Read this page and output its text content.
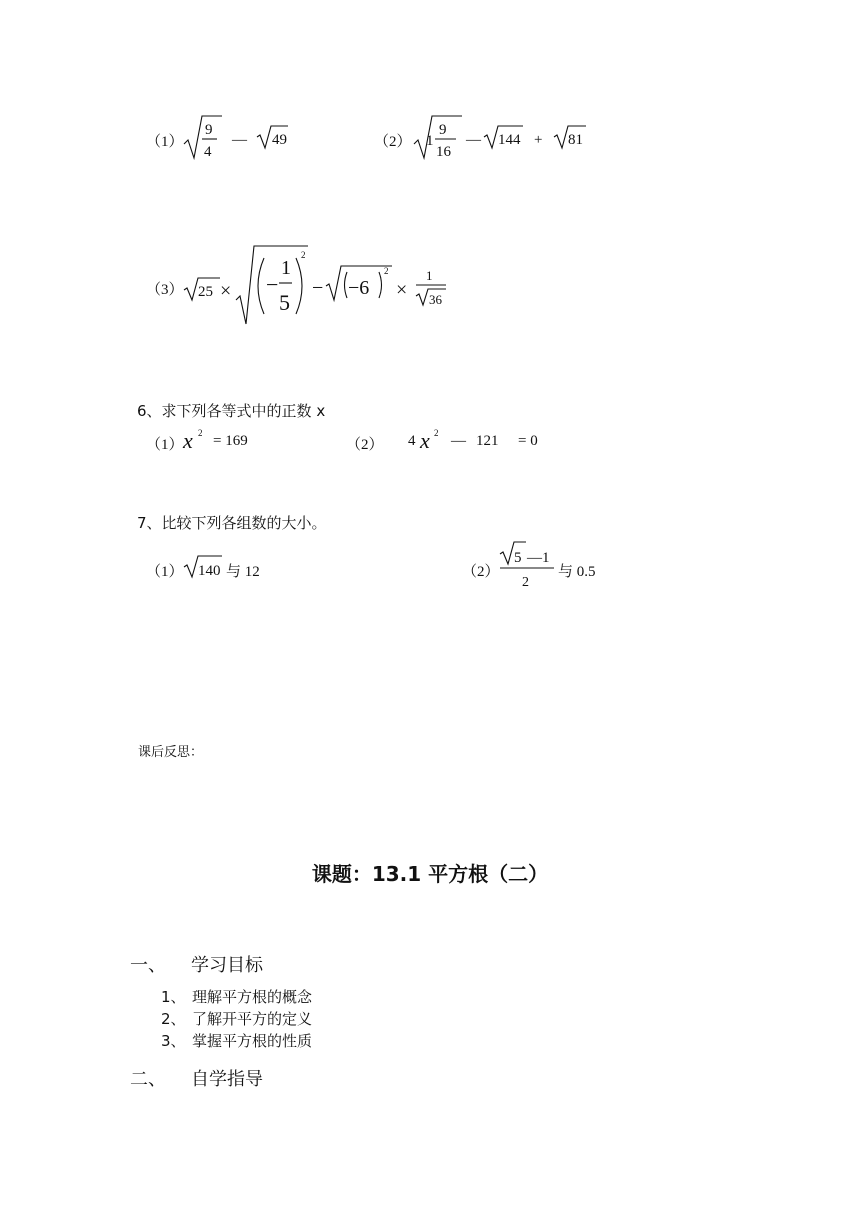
（1）
9
4
— 49	（2） 1
9
16
— 144 + 81
（3） 25 × −
1
5
2
− −6
2
×
1
36
6、求下列各等式中的正数 x
（1） x 2 = 169	（2） 4 x 2 — 121 = 0
7、比较下列各组数的大小。
（1） 140 与 12	（2）
5 —1
2
与 0.5
课后反思：
课题：13.1 平方根（二）
一、 学习目标
1、 理解平方根的概念
2、 了解开平方的定义
3、 掌握平方根的性质
二、 自学指导
